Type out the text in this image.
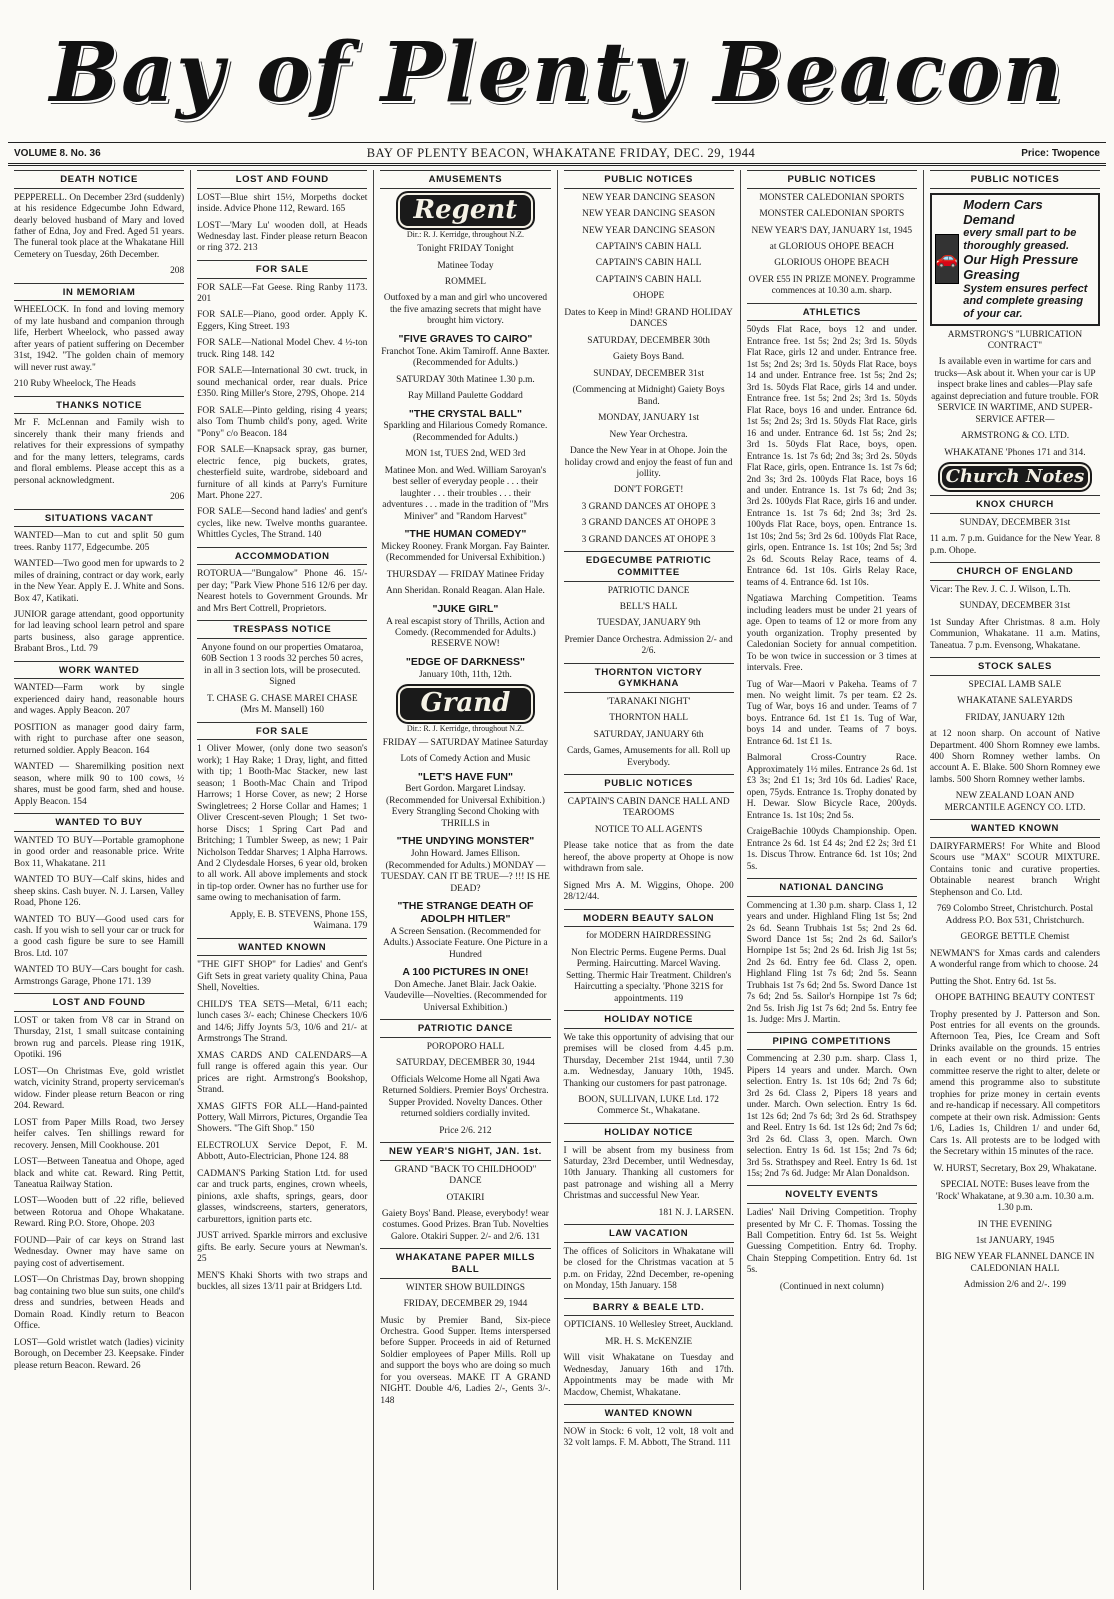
Bay of Plenty Beacon
VOLUME 8. No. 36	BAY OF PLENTY BEACON, WHAKATANE FRIDAY, DEC. 29, 1944	Price: Twopence
DEATH NOTICE

PEPPERELL. On December 23rd (suddenly) at his residence Edgecumbe John Edward, dearly beloved husband of Mary and loved father of Edna, Joy and Fred. Aged 51 years. The funeral took place at the Whakatane Hill Cemetery on Tuesday, 26th December.

208

IN MEMORIAM

WHEELOCK. In fond and loving memory of my late husband and companion through life, Herbert Wheelock, who passed away after years of patient suffering on December 31st, 1942. "The golden chain of memory will never rust away."

210 Ruby Wheelock, The Heads

THANKS NOTICE

Mr F. McLennan and Family wish to sincerely thank their many friends and relatives for their expressions of sympathy and for the many letters, telegrams, cards and floral emblems. Please accept this as a personal acknowledgment.

206

SITUATIONS VACANT

WANTED—Man to cut and split 50 gum trees. Ranby 1177, Edgecumbe. 205

WANTED—Two good men for upwards to 2 miles of draining, contract or day work, early in the New Year. Apply E. J. White and Sons. Box 47, Katikati.

JUNIOR garage attendant, good opportunity for lad leaving school learn petrol and spare parts business, also garage apprentice. Brabant Bros., Ltd. 79

WORK WANTED

WANTED—Farm work by single experienced dairy hand, reasonable hours and wages. Apply Beacon. 207

POSITION as manager good dairy farm, with right to purchase after one season, returned soldier. Apply Beacon. 164

WANTED — Sharemilking position next season, where milk 90 to 100 cows, ½ shares, must be good farm, shed and house. Apply Beacon. 154

WANTED TO BUY

WANTED TO BUY—Portable gramophone in good order and reasonable price. Write Box 11, Whakatane. 211

WANTED TO BUY—Calf skins, hides and sheep skins. Cash buyer. N. J. Larsen, Valley Road, Phone 126.

WANTED TO BUY—Good used cars for cash. If you wish to sell your car or truck for a good cash figure be sure to see Hamill Bros. Ltd. 107

WANTED TO BUY—Cars bought for cash. Armstrongs Garage, Phone 171. 139

LOST AND FOUND

LOST or taken from V8 car in Strand on Thursday, 21st, 1 small suitcase containing brown rug and parcels. Please ring 191K, Opotiki. 196

LOST—On Christmas Eve, gold wristlet watch, vicinity Strand, property serviceman's widow. Finder please return Beacon or ring 204. Reward.

LOST from Paper Mills Road, two Jersey heifer calves. Ten shillings reward for recovery. Jensen, Mill Cookhouse. 201

LOST—Between Taneatua and Ohope, aged black and white cat. Reward. Ring Pettit, Taneatua Railway Station.

LOST—Wooden butt of .22 rifle, believed between Rotorua and Ohope Whakatane. Reward. Ring P.O. Store, Ohope. 203

FOUND—Pair of car keys on Strand last Wednesday. Owner may have same on paying cost of advertisement.

LOST—On Christmas Day, brown shopping bag containing two blue sun suits, one child's dress and sundries, between Heads and Domain Road. Kindly return to Beacon Office.

LOST—Gold wristlet watch (ladies) vicinity Borough, on December 23. Keepsake. Finder please return Beacon. Reward. 26

LOST AND FOUND

LOST—Blue shirt 15½, Morpeths docket inside. Advice Phone 112, Reward. 165

LOST—'Mary Lu' wooden doll, at Heads Wednesday last. Finder please return Beacon or ring 372. 213

FOR SALE

FOR SALE—Fat Geese. Ring Ranby 1173. 201

FOR SALE—Piano, good order. Apply K. Eggers, King Street. 193

FOR SALE—National Model Chev. 4 ½-ton truck. Ring 148. 142

FOR SALE—International 30 cwt. truck, in sound mechanical order, rear duals. Price £350. Ring Miller's Store, 279S, Ohope. 214

FOR SALE—Pinto gelding, rising 4 years; also Tom Thumb child's pony, aged. Write "Pony" c/o Beacon. 184

FOR SALE—Knapsack spray, gas burner, electric fence, pig buckets, grates, chesterfield suite, wardrobe, sideboard and furniture of all kinds at Parry's Furniture Mart. Phone 227.

FOR SALE—Second hand ladies' and gent's cycles, like new. Twelve months guarantee. Whittles Cycles, The Strand. 140

ACCOMMODATION

ROTORUA—"Bungalow" Phone 46. 15/- per day; "Park View Phone 516 12/6 per day. Nearest hotels to Government Grounds. Mr and Mrs Bert Cottrell, Proprietors.

TRESPASS NOTICE

Anyone found on our properties Omataroa, 60B Section 1 3 roods 32 perches 50 acres, in all in 3 section lots, will be prosecuted. Signed

T. CHASE G. CHASE MAREI CHASE (Mrs M. Mansell) 160

FOR SALE

1 Oliver Mower, (only done two season's work); 1 Hay Rake; 1 Dray, light, and fitted with tip; 1 Booth-Mac Stacker, new last season; 1 Booth-Mac Chain and Tripod Harrows; 1 Horse Cover, as new; 2 Horse Swingletrees; 2 Horse Collar and Hames; 1 Oliver Crescent-seven Plough; 1 Set two-horse Discs; 1 Spring Cart Pad and Britching; 1 Tumbler Sweep, as new; 1 Pair Nicholson Teddar Sharves; 1 Alpha Harrows. And 2 Clydesdale Horses, 6 year old, broken to all work. All above implements and stock in tip-top order. Owner has no further use for same owing to mechanisation of farm.

Apply, E. B. STEVENS, Phone 15S, Waimana. 179

WANTED KNOWN

"THE GIFT SHOP" for Ladies' and Gent's Gift Sets in great variety quality China, Paua Shell, Novelties.

CHILD'S TEA SETS—Metal, 6/11 each; lunch cases 3/- each; Chinese Checkers 10/6 and 14/6; Jiffy Joynts 5/3, 10/6 and 21/- at Armstrongs The Strand.

XMAS CARDS AND CALENDARS—A full range is offered again this year. Our prices are right. Armstrong's Bookshop, Strand.

XMAS GIFTS FOR ALL—Hand-painted Pottery, Wall Mirrors, Pictures, Organdie Tea Showers. "The Gift Shop." 150

ELECTROLUX Service Depot, F. M. Abbott, Auto-Electrician, Phone 124. 88

CADMAN'S Parking Station Ltd. for used car and truck parts, engines, crown wheels, pinions, axle shafts, springs, gears, door glasses, windscreens, starters, generators, carburettors, ignition parts etc.

JUST arrived. Sparkle mirrors and exclusive gifts. Be early. Secure yours at Newman's. 25

MEN'S Khaki Shorts with two straps and buckles, all sizes 13/11 pair at Bridgers Ltd.

AMUSEMENTS
Regent
Dir.: R. J. Kerridge, throughout N.Z.

Tonight FRIDAY Tonight

Matinee Today

ROMMEL

Outfoxed by a man and girl who uncovered the five amazing secrets that might have brought him victory.

"FIVE GRAVES TO CAIRO"

Franchot Tone. Akim Tamiroff. Anne Baxter. (Recommended for Adults.)

SATURDAY 30th Matinee 1.30 p.m.

Ray Milland Paulette Goddard

"THE CRYSTAL BALL"

Sparkling and Hilarious Comedy Romance. (Recommended for Adults.)

MON 1st, TUES 2nd, WED 3rd

Matinee Mon. and Wed. William Saroyan's best seller of everyday people . . . their laughter . . . their troubles . . . their adventures . . . made in the tradition of "Mrs Miniver" and "Random Harvest"

"THE HUMAN COMEDY"

Mickey Rooney. Frank Morgan. Fay Bainter. (Recommended for Universal Exhibition.)

THURSDAY — FRIDAY Matinee Friday

Ann Sheridan. Ronald Reagan. Alan Hale.

"JUKE GIRL"

A real escapist story of Thrills, Action and Comedy. (Recommended for Adults.) RESERVE NOW!

"EDGE OF DARKNESS"

January 10th, 11th, 12th.

Grand
Dir.: R. J. Kerridge, throughout N.Z.

FRIDAY — SATURDAY Matinee Saturday

Lots of Comedy Action and Music

"LET'S HAVE FUN"

Bert Gordon. Margaret Lindsay. (Recommended for Universal Exhibition.) Every Strangling Second Choking with THRILLS in

"THE UNDYING MONSTER"

John Howard. James Ellison. (Recommended for Adults.) MONDAY — TUESDAY. CAN IT BE TRUE—? !!! IS HE DEAD?

"THE STRANGE DEATH OF ADOLPH HITLER"

A Screen Sensation. (Recommended for Adults.) Associate Feature. One Picture in a Hundred

A 100 PICTURES IN ONE!

Don Ameche. Janet Blair. Jack Oakie. Vaudeville—Novelties. (Recommended for Universal Exhibition.)

PATRIOTIC DANCE

POROPORO HALL

SATURDAY, DECEMBER 30, 1944

Officials Welcome Home all Ngati Awa Returned Soldiers. Premier Boys' Orchestra. Supper Provided. Novelty Dances. Other returned soldiers cordially invited.

Price 2/6. 212

NEW YEAR'S NIGHT, JAN. 1st.

GRAND "BACK TO CHILDHOOD" DANCE

OTAKIRI

Gaiety Boys' Band. Please, everybody! wear costumes. Good Prizes. Bran Tub. Novelties Galore. Otakiri Supper. 2/- and 2/6. 131

WHAKATANE PAPER MILLS BALL

WINTER SHOW BUILDINGS

FRIDAY, DECEMBER 29, 1944

Music by Premier Band, Six-piece Orchestra. Good Supper. Items interspersed before Supper. Proceeds in aid of Returned Soldier employees of Paper Mills. Roll up and support the boys who are doing so much for you overseas. MAKE IT A GRAND NIGHT. Double 4/6, Ladies 2/-, Gents 3/-. 148

PUBLIC NOTICES

NEW YEAR DANCING SEASON

NEW YEAR DANCING SEASON

NEW YEAR DANCING SEASON

CAPTAIN'S CABIN HALL

CAPTAIN'S CABIN HALL

CAPTAIN'S CABIN HALL

OHOPE

Dates to Keep in Mind! GRAND HOLIDAY DANCES

SATURDAY, DECEMBER 30th

Gaiety Boys Band.

SUNDAY, DECEMBER 31st

(Commencing at Midnight) Gaiety Boys Band.

MONDAY, JANUARY 1st

New Year Orchestra.

Dance the New Year in at Ohope. Join the holiday crowd and enjoy the feast of fun and jollity.

DON'T FORGET!

3 GRAND DANCES AT OHOPE 3

3 GRAND DANCES AT OHOPE 3

3 GRAND DANCES AT OHOPE 3

EDGECUMBE PATRIOTIC COMMITTEE

PATRIOTIC DANCE

BELL'S HALL

TUESDAY, JANUARY 9th

Premier Dance Orchestra. Admission 2/- and 2/6.

THORNTON VICTORY GYMKHANA

'TARANAKI NIGHT'

THORNTON HALL

SATURDAY, JANUARY 6th

Cards, Games, Amusements for all. Roll up Everybody.

PUBLIC NOTICES

CAPTAIN'S CABIN DANCE HALL AND TEAROOMS

NOTICE TO ALL AGENTS

Please take notice that as from the date hereof, the above property at Ohope is now withdrawn from sale.

Signed Mrs A. M. Wiggins, Ohope. 200 28/12/44.

MODERN BEAUTY SALON

for MODERN HAIRDRESSING

Non Electric Perms. Eugene Perms. Dual Perming. Haircutting. Marcel Waving. Setting. Thermic Hair Treatment. Children's Haircutting a specialty. 'Phone 321S for appointments. 119

HOLIDAY NOTICE

We take this opportunity of advising that our premises will be closed from 4.45 p.m. Thursday, December 21st 1944, until 7.30 a.m. Wednesday, January 10th, 1945. Thanking our customers for past patronage.

BOON, SULLIVAN, LUKE Ltd. 172 Commerce St., Whakatane.

HOLIDAY NOTICE

I will be absent from my business from Saturday, 23rd December, until Wednesday, 10th January. Thanking all customers for past patronage and wishing all a Merry Christmas and successful New Year.

181 N. J. LARSEN.

LAW VACATION

The offices of Solicitors in Whakatane will be closed for the Christmas vacation at 5 p.m. on Friday, 22nd December, re-opening on Monday, 15th January. 158

BARRY & BEALE LTD.

OPTICIANS. 10 Wellesley Street, Auckland.

MR. H. S. McKENZIE

Will visit Whakatane on Tuesday and Wednesday, January 16th and 17th. Appointments may be made with Mr Macdow, Chemist, Whakatane.

WANTED KNOWN

NOW in Stock: 6 volt, 12 volt, 18 volt and 32 volt lamps. F. M. Abbott, The Strand. 111

PUBLIC NOTICES

MONSTER CALEDONIAN SPORTS

MONSTER CALEDONIAN SPORTS

NEW YEAR'S DAY, JANUARY 1st, 1945

at GLORIOUS OHOPE BEACH

GLORIOUS OHOPE BEACH

OVER £55 IN PRIZE MONEY. Programme commences at 10.30 a.m. sharp.

ATHLETICS

50yds Flat Race, boys 12 and under. Entrance free. 1st 5s; 2nd 2s; 3rd 1s. 50yds Flat Race, girls 12 and under. Entrance free. 1st 5s; 2nd 2s; 3rd 1s. 50yds Flat Race, boys 14 and under. Entrance free. 1st 5s; 2nd 2s; 3rd 1s. 50yds Flat Race, girls 14 and under. Entrance free. 1st 5s; 2nd 2s; 3rd 1s. 50yds Flat Race, boys 16 and under. Entrance 6d. 1st 5s; 2nd 2s; 3rd 1s. 50yds Flat Race, girls 16 and under. Entrance 6d. 1st 5s; 2nd 2s; 3rd 1s. 50yds Flat Race, boys, open. Entrance 1s. 1st 7s 6d; 2nd 3s; 3rd 2s. 50yds Flat Race, girls, open. Entrance 1s. 1st 7s 6d; 2nd 3s; 3rd 2s. 100yds Flat Race, boys 16 and under. Entrance 1s. 1st 7s 6d; 2nd 3s; 3rd 2s. 100yds Flat Race, girls 16 and under. Entrance 1s. 1st 7s 6d; 2nd 3s; 3rd 2s. 100yds Flat Race, boys, open. Entrance 1s. 1st 10s; 2nd 5s; 3rd 2s 6d. 100yds Flat Race, girls, open. Entrance 1s. 1st 10s; 2nd 5s; 3rd 2s 6d. Scouts Relay Race, teams of 4. Entrance 6d. 1st 10s. Girls Relay Race, teams of 4. Entrance 6d. 1st 10s.

Ngatiawa Marching Competition. Teams including leaders must be under 21 years of age. Open to teams of 12 or more from any youth organization. Trophy presented by Caledonian Society for annual competition. To be won twice in succession or 3 times at intervals. Free.

Tug of War—Maori v Pakeha. Teams of 7 men. No weight limit. 7s per team. £2 2s. Tug of War, boys 16 and under. Teams of 7 boys. Entrance 6d. 1st £1 1s. Tug of War, boys 14 and under. Teams of 7 boys. Entrance 6d. 1st £1 1s.

Balmoral Cross-Country Race. Approximately 1½ miles. Entrance 2s 6d. 1st £3 3s; 2nd £1 1s; 3rd 10s 6d. Ladies' Race, open, 75yds. Entrance 1s. Trophy donated by H. Dewar. Slow Bicycle Race, 200yds. Entrance 1s. 1st 10s; 2nd 5s.

CraigeBachie 100yds Championship. Open. Entrance 2s 6d. 1st £4 4s; 2nd £2 2s; 3rd £1 1s. Discus Throw. Entrance 6d. 1st 10s; 2nd 5s.

NATIONAL DANCING

Commencing at 1.30 p.m. sharp. Class 1, 12 years and under. Highland Fling 1st 5s; 2nd 2s 6d. Seann Trubhais 1st 5s; 2nd 2s 6d. Sword Dance 1st 5s; 2nd 2s 6d. Sailor's Hornpipe 1st 5s; 2nd 2s 6d. Irish Jig 1st 5s; 2nd 2s 6d. Entry fee 6d. Class 2, open. Highland Fling 1st 7s 6d; 2nd 5s. Seann Trubhais 1st 7s 6d; 2nd 5s. Sword Dance 1st 7s 6d; 2nd 5s. Sailor's Hornpipe 1st 7s 6d; 2nd 5s. Irish Jig 1st 7s 6d; 2nd 5s. Entry fee 1s. Judge: Mrs J. Martin.

PIPING COMPETITIONS

Commencing at 2.30 p.m. sharp. Class 1, Pipers 14 years and under. March. Own selection. Entry 1s. 1st 10s 6d; 2nd 7s 6d; 3rd 2s 6d. Class 2, Pipers 18 years and under. March. Own selection. Entry 1s 6d. 1st 12s 6d; 2nd 7s 6d; 3rd 2s 6d. Strathspey and Reel. Entry 1s 6d. 1st 12s 6d; 2nd 7s 6d; 3rd 2s 6d. Class 3, open. March. Own selection. Entry 1s 6d. 1st 15s; 2nd 7s 6d; 3rd 5s. Strathspey and Reel. Entry 1s 6d. 1st 15s; 2nd 7s 6d. Judge: Mr Alan Donaldson.

NOVELTY EVENTS

Ladies' Nail Driving Competition. Trophy presented by Mr C. F. Thomas. Tossing the Ball Competition. Entry 6d. 1st 5s. Weight Guessing Competition. Entry 6d. Trophy. Chain Stepping Competition. Entry 6d. 1st 5s.

(Continued in next column)

PUBLIC NOTICES
🚗
Modern Cars Demand
every small part to be thoroughly greased.
Our High Pressure Greasing
System ensures perfect and complete greasing of your car.

ARMSTRONG'S "LUBRICATION CONTRACT"

Is available even in wartime for cars and trucks—Ask about it. When your car is UP inspect brake lines and cables—Play safe against depreciation and future trouble. FOR SERVICE IN WARTIME, AND SUPER-SERVICE AFTER—

ARMSTRONG & CO. LTD.

WHAKATANE 'Phones 171 and 314.

Church Notes
KNOX CHURCH

SUNDAY, DECEMBER 31st

11 a.m. 7 p.m. Guidance for the New Year. 8 p.m. Ohope.

CHURCH OF ENGLAND

Vicar: The Rev. J. C. J. Wilson, L.Th.

SUNDAY, DECEMBER 31st

1st Sunday After Christmas. 8 a.m. Holy Communion, Whakatane. 11 a.m. Matins, Taneatua. 7 p.m. Evensong, Whakatane.

STOCK SALES

SPECIAL LAMB SALE

WHAKATANE SALEYARDS

FRIDAY, JANUARY 12th

at 12 noon sharp. On account of Native Department. 400 Shorn Romney ewe lambs. 400 Shorn Romney wether lambs. On account A. E. Blake. 500 Shorn Romney ewe lambs. 500 Shorn Romney wether lambs.

NEW ZEALAND LOAN AND MERCANTILE AGENCY CO. LTD.

WANTED KNOWN

DAIRYFARMERS! For White and Blood Scours use "MAX" SCOUR MIXTURE. Contains tonic and curative properties. Obtainable nearest branch Wright Stephenson and Co. Ltd.

769 Colombo Street, Christchurch. Postal Address P.O. Box 531, Christchurch.

GEORGE BETTLE Chemist

NEWMAN'S for Xmas cards and calenders A wonderful range from which to choose. 24

Putting the Shot. Entry 6d. 1st 5s.

OHOPE BATHING BEAUTY CONTEST

Trophy presented by J. Patterson and Son. Post entries for all events on the grounds. Afternoon Tea, Pies, Ice Cream and Soft Drinks available on the grounds. 15 entries in each event or no third prize. The committee reserve the right to alter, delete or amend this programme also to substitute trophies for prize money in certain events and re-handicap if necessary. All competitors compete at their own risk. Admission: Gents 1/6, Ladies 1s, Children 1/ and under 6d, Cars 1s. All protests are to be lodged with the Secretary within 15 minutes of the race.

W. HURST, Secretary, Box 29, Whakatane.

SPECIAL NOTE: Buses leave from the 'Rock' Whakatane, at 9.30 a.m. 10.30 a.m. 1.30 p.m.

IN THE EVENING

1st JANUARY, 1945

BIG NEW YEAR FLANNEL DANCE IN CALEDONIAN HALL

Admission 2/6 and 2/-. 199
